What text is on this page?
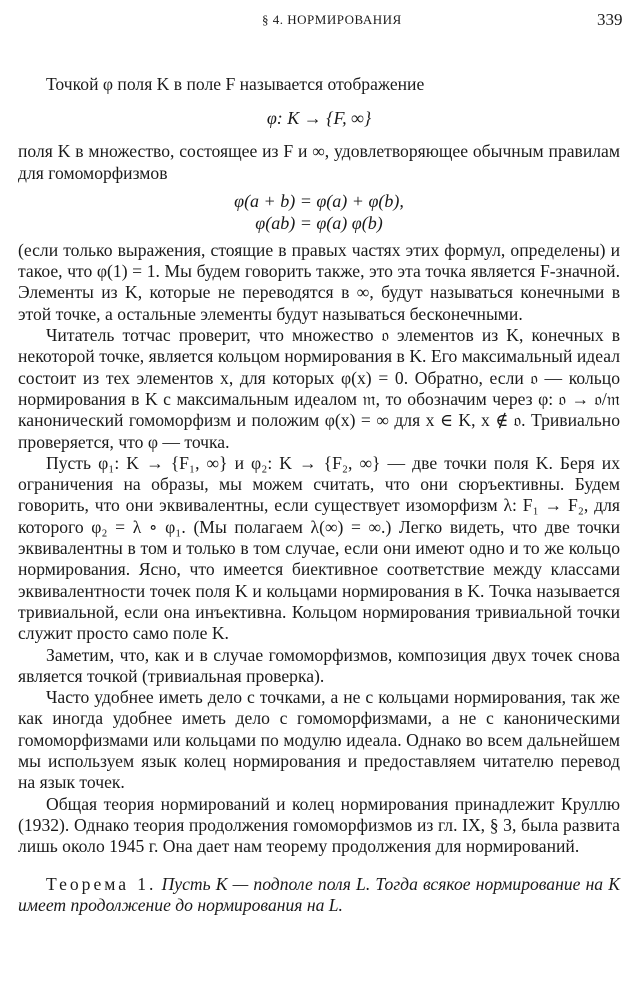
§ 4. НОРМИРОВАНИЯ	339

Точкой φ поля K в поле F называется отображение

φ: K → {F, ∞}

поля K в множество, состоящее из F и ∞, удовлетворяющее обычным правилам для гомоморфизмов

φ(a + b) = φ(a) + φ(b),
φ(ab) = φ(a) φ(b)

(если только выражения, стоящие в правых частях этих формул, определены) и такое, что φ(1) = 1. Мы будем говорить также, это эта точка является F-значной. Элементы из K, которые не переводятся в ∞, будут называться конечными в этой точке, а остальные элементы будут называться бесконечными.

Читатель тотчас проверит, что множество 𝔬 элементов из K, конечных в некоторой точке, является кольцом нормирования в K. Его максимальный идеал состоит из тех элементов x, для которых φ(x) = 0. Обратно, если 𝔬 — кольцо нормирования в K с максимальным идеалом 𝔪, то обозначим через φ: 𝔬 → 𝔬/𝔪 канонический гомоморфизм и положим φ(x) = ∞ для x ∈ K, x ∉ 𝔬. Тривиально проверяется, что φ — точка.

Пусть φ₁: K → {F₁, ∞} и φ₂: K → {F₂, ∞} — две точки поля K. Беря их ограничения на образы, мы можем считать, что они сюръективны. Будем говорить, что они эквивалентны, если существует изоморфизм λ: F₁ → F₂, для которого φ₂ = λ ∘ φ₁. (Мы полагаем λ(∞) = ∞.) Легко видеть, что две точки эквивалентны в том и только в том случае, если они имеют одно и то же кольцо нормирования. Ясно, что имеется биективное соответствие между классами эквивалентности точек поля K и кольцами нормирования в K. Точка называется тривиальной, если она инъективна. Кольцом нормирования тривиальной точки служит просто само поле K.

Заметим, что, как и в случае гомоморфизмов, композиция двух точек снова является точкой (тривиальная проверка).

Часто удобнее иметь дело с точками, а не с кольцами нормирования, так же как иногда удобнее иметь дело с гомоморфизмами, а не с каноническими гомоморфизмами или кольцами по модулю идеала. Однако во всем дальнейшем мы используем язык колец нормирования и предоставляем читателю перевод на язык точек.

Общая теория нормирований и колец нормирования принадлежит Круллю (1932). Однако теория продолжения гомоморфизмов из гл. IX, § 3, была развита лишь около 1945 г. Она дает нам теорему продолжения для нормирований.

Теорема 1. Пусть K — подполе поля L. Тогда всякое нормирование на K имеет продолжение до нормирования на L.
